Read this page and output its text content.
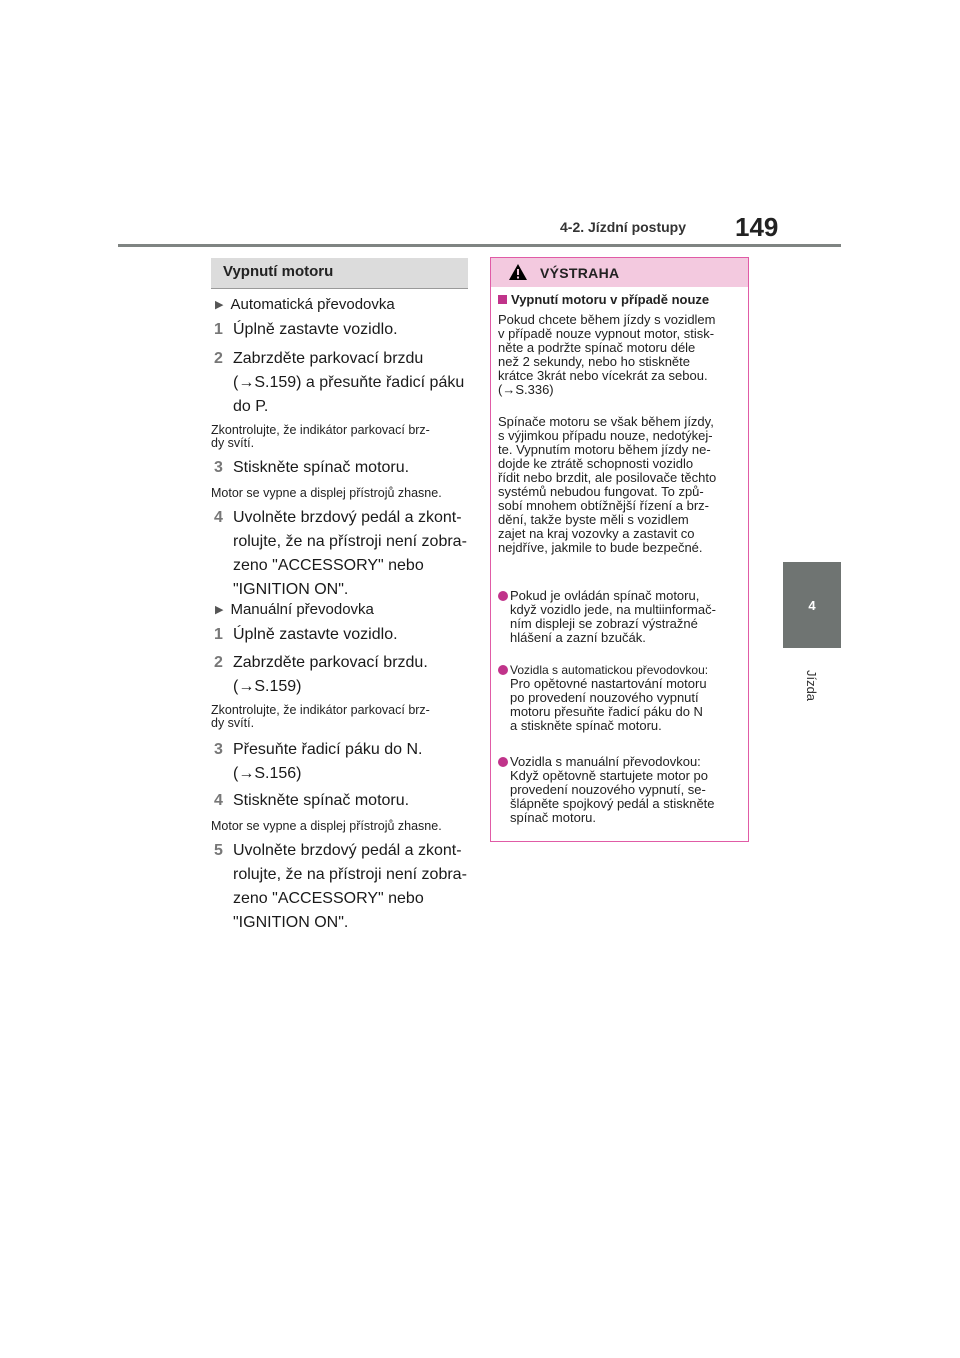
4-2. Jízdní postupy 149
4
Jízda
Vypnutí motoru
▶ Automatická převodovka
1 Úplně zastavte vozidlo.
2 Zabrzděte parkovací brzdu
(→S.159) a přesuňte řadicí páku
do P.
Zkontrolujte, že indikátor parkovací brz-
dy svítí.
3 Stiskněte spínač motoru.
Motor se vypne a displej přístrojů zhasne.
4 Uvolněte brzdový pedál a zkont-
rolujte, že na přístroji není zobra-
zeno "ACCESSORY" nebo
"IGNITION ON".
▶ Manuální převodovka
1 Úplně zastavte vozidlo.
2 Zabrzděte parkovací brzdu.
(→S.159)
Zkontrolujte, že indikátor parkovací brz-
dy svítí.
3 Přesuňte řadicí páku do N.
(→S.156)
4 Stiskněte spínač motoru.
Motor se vypne a displej přístrojů zhasne.
5 Uvolněte brzdový pedál a zkont-
rolujte, že na přístroji není zobra-
zeno "ACCESSORY" nebo
"IGNITION ON".
VÝSTRAHA
Vypnutí motoru v případě nouze
Pokud chcete během jízdy s vozidlem
v případě nouze vypnout motor, stisk-
něte a podržte spínač motoru déle
než 2 sekundy, nebo ho stiskněte
krátce 3krát nebo vícekrát za sebou.
(→S.336)
Spínače motoru se však během jízdy,
s výjimkou případu nouze, nedotýkej-
te. Vypnutím motoru během jízdy ne-
dojde ke ztrátě schopnosti vozidlo
řídit nebo brzdit, ale posilovače těchto
systémů nebudou fungovat. To způ-
sobí mnohem obtížnější řízení a brz-
dění, takže byste měli s vozidlem
zajet na kraj vozovky a zastavit co
nejdříve, jakmile to bude bezpečné.
Pokud je ovládán spínač motoru,
když vozidlo jede, na multiinformač-
ním displeji se zobrazí výstražné
hlášení a zazní bzučák.
Vozidla s automatickou převodovkou:
Pro opětovné nastartování motoru
po provedení nouzového vypnutí
motoru přesuňte řadicí páku do N
a stiskněte spínač motoru.
Vozidla s manuální převodovkou:
Když opětovně startujete motor po
provedení nouzového vypnutí, se-
šlápněte spojkový pedál a stiskněte
spínač motoru.
